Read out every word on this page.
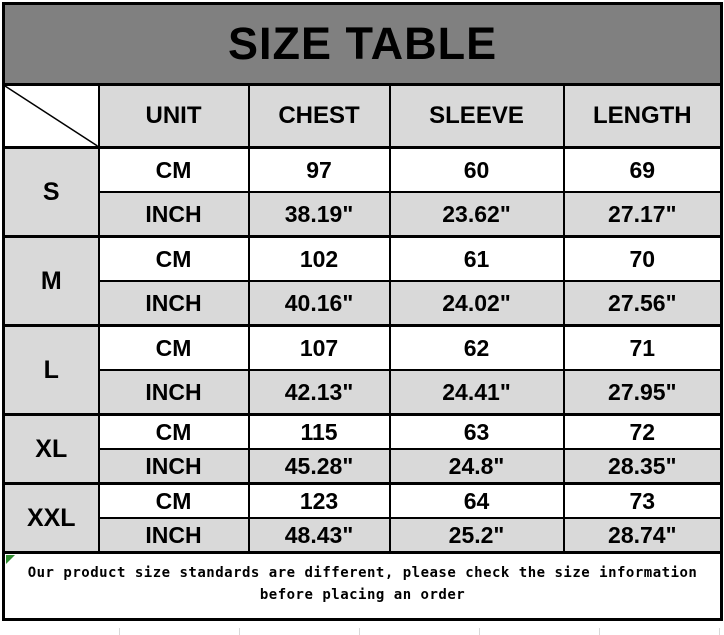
SIZE TABLE				

	UNIT	CHEST	SLEEVE	LENGTH
S	CM	97	60	69
	INCH	38.19"	23.62"	27.17"
M	CM	102	61	70
	INCH	40.16"	24.02"	27.56"
L	CM	107	62	71
	INCH	42.13"	24.41"	27.95"
XL	CM	115	63	72
	INCH	45.28"	24.8"	28.35"
XXL	CM	123	64	73
	INCH	48.43"	25.2"	28.74"

Our product size standards are different, please check the size information
before placing an order				
